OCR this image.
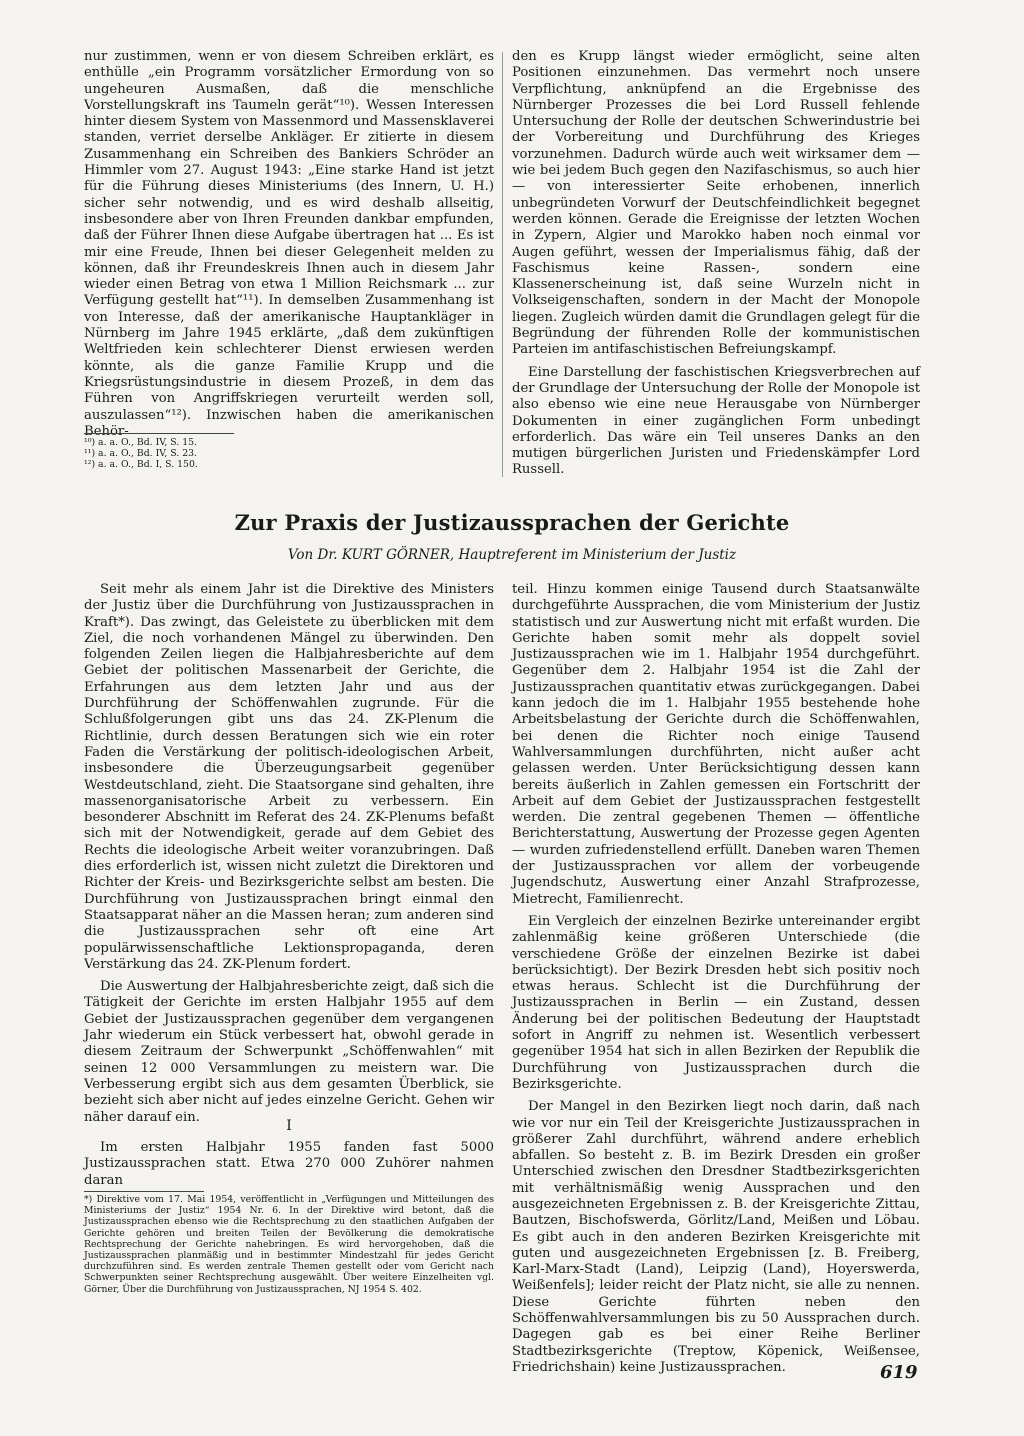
nur zustimmen, wenn er von diesem Schreiben erklärt, es enthülle „ein Programm vorsätzlicher Ermordung von so ungeheuren Ausmaßen, daß die menschliche Vorstellungskraft ins Taumeln gerät“¹⁰). Wessen Interessen hinter diesem System von Massenmord und Massensklaverei standen, verriet derselbe Ankläger. Er zitierte in diesem Zusammenhang ein Schreiben des Bankiers Schröder an Himmler vom 27. August 1943: „Eine starke Hand ist jetzt für die Führung dieses Ministeriums (des Innern, U. H.) sicher sehr notwendig, und es wird deshalb allseitig, insbesondere aber von Ihren Freunden dankbar empfunden, daß der Führer Ihnen diese Aufgabe übertragen hat ... Es ist mir eine Freude, Ihnen bei dieser Gelegenheit melden zu können, daß ihr Freundeskreis Ihnen auch in diesem Jahr wieder einen Betrag von etwa 1 Million Reichsmark ... zur Verfügung gestellt hat“¹¹). In demselben Zusammenhang ist von Interesse, daß der amerikanische Hauptankläger in Nürnberg im Jahre 1945 erklärte, „daß dem zukünftigen Weltfrieden kein schlechterer Dienst erwiesen werden könnte, als die ganze Familie Krupp und die Kriegsrüstungsindustrie in diesem Prozeß, in dem das Führen von Angriffskriegen verurteilt werden soll, auszulassen“¹²). Inzwischen haben die amerikanischen Behör-

¹⁰) a. a. O., Bd. IV, S. 15.
¹¹) a. a. O., Bd. IV, S. 23.
¹²) a. a. O., Bd. I, S. 150.

den es Krupp längst wieder ermöglicht, seine alten Positionen einzunehmen. Das vermehrt noch unsere Verpflichtung, anknüpfend an die Ergebnisse des Nürnberger Prozesses die bei Lord Russell fehlende Untersuchung der Rolle der deutschen Schwerindustrie bei der Vorbereitung und Durchführung des Krieges vorzunehmen. Dadurch würde auch weit wirksamer dem — wie bei jedem Buch gegen den Nazifaschismus, so auch hier — von interessierter Seite erhobenen, innerlich unbegründeten Vorwurf der Deutschfeindlichkeit begegnet werden können. Gerade die Ereignisse der letzten Wochen in Zypern, Algier und Marokko haben noch einmal vor Augen geführt, wessen der Imperialismus fähig, daß der Faschismus keine Rassen-, sondern eine Klassenerscheinung ist, daß seine Wurzeln nicht in Volkseigenschaften, sondern in der Macht der Monopole liegen. Zugleich würden damit die Grundlagen gelegt für die Begründung der führenden Rolle der kommunistischen Parteien im antifaschistischen Befreiungskampf.

Eine Darstellung der faschistischen Kriegsverbrechen auf der Grundlage der Untersuchung der Rolle der Monopole ist also ebenso wie eine neue Herausgabe von Nürnberger Dokumenten in einer zugänglichen Form unbedingt erforderlich. Das wäre ein Teil unseres Danks an den mutigen bürgerlichen Juristen und Friedenskämpfer Lord Russell.

Zur Praxis der Justizaussprachen der Gerichte
Von Dr. KURT GÖRNER, Hauptreferent im Ministerium der Justiz

Seit mehr als einem Jahr ist die Direktive des Ministers der Justiz über die Durchführung von Justizaussprachen in Kraft*). Das zwingt, das Geleistete zu überblicken mit dem Ziel, die noch vorhandenen Mängel zu überwinden. Den folgenden Zeilen liegen die Halbjahresberichte auf dem Gebiet der politischen Massenarbeit der Gerichte, die Erfahrungen aus dem letzten Jahr und aus der Durchführung der Schöffenwahlen zugrunde. Für die Schlußfolgerungen gibt uns das 24. ZK-Plenum die Richtlinie, durch dessen Beratungen sich wie ein roter Faden die Verstärkung der politisch-ideologischen Arbeit, insbesondere die Überzeugungsarbeit gegenüber Westdeutschland, zieht. Die Staatsorgane sind gehalten, ihre massenorganisatorische Arbeit zu verbessern. Ein besonderer Abschnitt im Referat des 24. ZK-Plenums befaßt sich mit der Notwendigkeit, gerade auf dem Gebiet des Rechts die ideologische Arbeit weiter voranzubringen. Daß dies erforderlich ist, wissen nicht zuletzt die Direktoren und Richter der Kreis- und Bezirksgerichte selbst am besten. Die Durchführung von Justizaussprachen bringt einmal den Staatsapparat näher an die Massen heran; zum anderen sind die Justizaussprachen sehr oft eine Art populärwissenschaftliche Lektionspropaganda, deren Verstärkung das 24. ZK-Plenum fordert.

Die Auswertung der Halbjahresberichte zeigt, daß sich die Tätigkeit der Gerichte im ersten Halbjahr 1955 auf dem Gebiet der Justizaussprachen gegenüber dem vergangenen Jahr wiederum ein Stück verbessert hat, obwohl gerade in diesem Zeitraum der Schwerpunkt „Schöffenwahlen“ mit seinen 12 000 Versammlungen zu meistern war. Die Verbesserung ergibt sich aus dem gesamten Überblick, sie bezieht sich aber nicht auf jedes einzelne Gericht. Gehen wir näher darauf ein.

I

Im ersten Halbjahr 1955 fanden fast 5000 Justizaussprachen statt. Etwa 270 000 Zuhörer nahmen daran

*) Direktive vom 17. Mai 1954, veröffentlicht in „Verfügungen und Mitteilungen des Ministeriums der Justiz“ 1954 Nr. 6. In der Direktive wird betont, daß die Justizaussprachen ebenso wie die Rechtsprechung zu den staatlichen Aufgaben der Gerichte gehören und breiten Teilen der Bevölkerung die demokratische Rechtsprechung der Gerichte nahebringen. Es wird hervorgehoben, daß die Justizaussprachen planmäßig und in bestimmter Mindestzahl für jedes Gericht durchzuführen sind. Es werden zentrale Themen gestellt oder vom Gericht nach Schwerpunkten seiner Rechtsprechung ausgewählt. Über weitere Einzelheiten vgl. Görner, Über die Durchführung von Justizaussprachen, NJ 1954 S. 402.

teil. Hinzu kommen einige Tausend durch Staatsanwälte durchgeführte Aussprachen, die vom Ministerium der Justiz statistisch und zur Auswertung nicht mit erfaßt wurden. Die Gerichte haben somit mehr als doppelt soviel Justizaussprachen wie im 1. Halbjahr 1954 durchgeführt. Gegenüber dem 2. Halbjahr 1954 ist die Zahl der Justizaussprachen quantitativ etwas zurückgegangen. Dabei kann jedoch die im 1. Halbjahr 1955 bestehende hohe Arbeitsbelastung der Gerichte durch die Schöffenwahlen, bei denen die Richter noch einige Tausend Wahlversammlungen durchführten, nicht außer acht gelassen werden. Unter Berücksichtigung dessen kann bereits äußerlich in Zahlen gemessen ein Fortschritt der Arbeit auf dem Gebiet der Justizaussprachen festgestellt werden. Die zentral gegebenen Themen — öffentliche Berichterstattung, Auswertung der Prozesse gegen Agenten — wurden zufriedenstellend erfüllt. Daneben waren Themen der Justizaussprachen vor allem der vorbeugende Jugendschutz, Auswertung einer Anzahl Strafprozesse, Mietrecht, Familienrecht.

Ein Vergleich der einzelnen Bezirke untereinander ergibt zahlenmäßig keine größeren Unterschiede (die verschiedene Größe der einzelnen Bezirke ist dabei berücksichtigt). Der Bezirk Dresden hebt sich positiv noch etwas heraus. Schlecht ist die Durchführung der Justizaussprachen in Berlin — ein Zustand, dessen Änderung bei der politischen Bedeutung der Hauptstadt sofort in Angriff zu nehmen ist. Wesentlich verbessert gegenüber 1954 hat sich in allen Bezirken der Republik die Durchführung von Justizaussprachen durch die Bezirksgerichte.

Der Mangel in den Bezirken liegt noch darin, daß nach wie vor nur ein Teil der Kreisgerichte Justizaussprachen in größerer Zahl durchführt, während andere erheblich abfallen. So besteht z. B. im Bezirk Dresden ein großer Unterschied zwischen den Dresdner Stadtbezirksgerichten mit verhältnismäßig wenig Aussprachen und den ausgezeichneten Ergebnissen z. B. der Kreisgerichte Zittau, Bautzen, Bischofswerda, Görlitz/Land, Meißen und Löbau. Es gibt auch in den anderen Bezirken Kreisgerichte mit guten und ausgezeichneten Ergebnissen [z. B. Freiberg, Karl-Marx-Stadt (Land), Leipzig (Land), Hoyerswerda, Weißenfels]; leider reicht der Platz nicht, sie alle zu nennen. Diese Gerichte führten neben den Schöffenwahlversammlungen bis zu 50 Aussprachen durch. Dagegen gab es bei einer Reihe Berliner Stadtbezirksgerichte (Treptow, Köpenick, Weißensee, Friedrichshain) keine Justizaussprachen.	619
